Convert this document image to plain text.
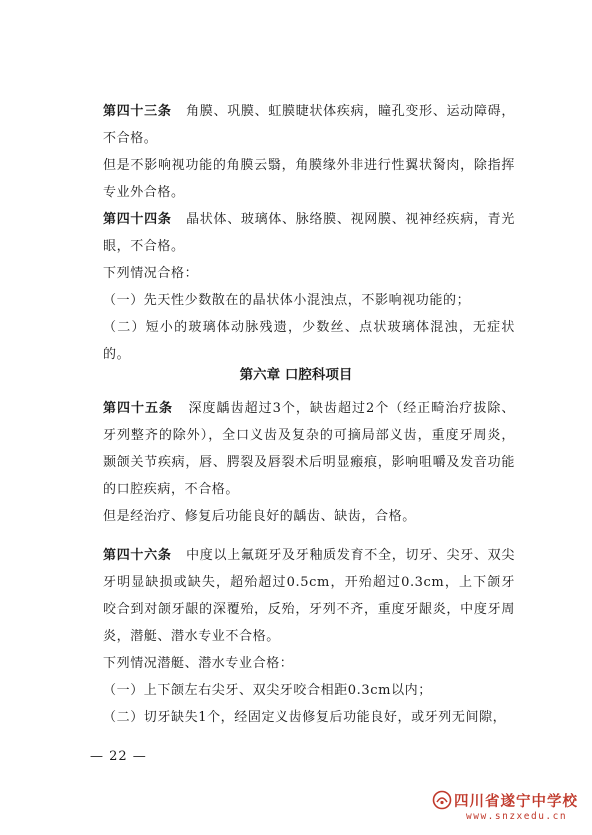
第四十三条 角膜、巩膜、虹膜睫状体疾病，瞳孔变形、运动障碍，不合格。

但是不影响视功能的角膜云翳，角膜缘外非进行性翼状胬肉，除指挥专业外合格。

第四十四条 晶状体、玻璃体、脉络膜、视网膜、视神经疾病，青光眼，不合格。

下列情况合格：

（一）先天性少数散在的晶状体小混浊点，不影响视功能的；

（二）短小的玻璃体动脉残遗，少数丝、点状玻璃体混浊，无症状的。

第六章 口腔科项目

第四十五条 深度龋齿超过3个，缺齿超过2个（经正畸治疗拔除、牙列整齐的除外），全口义齿及复杂的可摘局部义齿，重度牙周炎，颞颌关节疾病，唇、腭裂及唇裂术后明显瘢痕，影响咀嚼及发音功能的口腔疾病，不合格。

但是经治疗、修复后功能良好的龋齿、缺齿，合格。

第四十六条 中度以上氟斑牙及牙釉质发育不全，切牙、尖牙、双尖牙明显缺损或缺失，超殆超过0.5cm，开殆超过0.3cm，上下颌牙咬合到对颌牙龈的深覆殆，反殆，牙列不齐，重度牙龈炎，中度牙周炎，潜艇、潜水专业不合格。

下列情况潜艇、潜水专业合格：

（一）上下颌左右尖牙、双尖牙咬合相距0.3cm以内；

（二）切牙缺失1个，经固定义齿修复后功能良好，或牙列无间隙，

— 22 —
四川省遂宁中学校
www.snzxedu.cn
